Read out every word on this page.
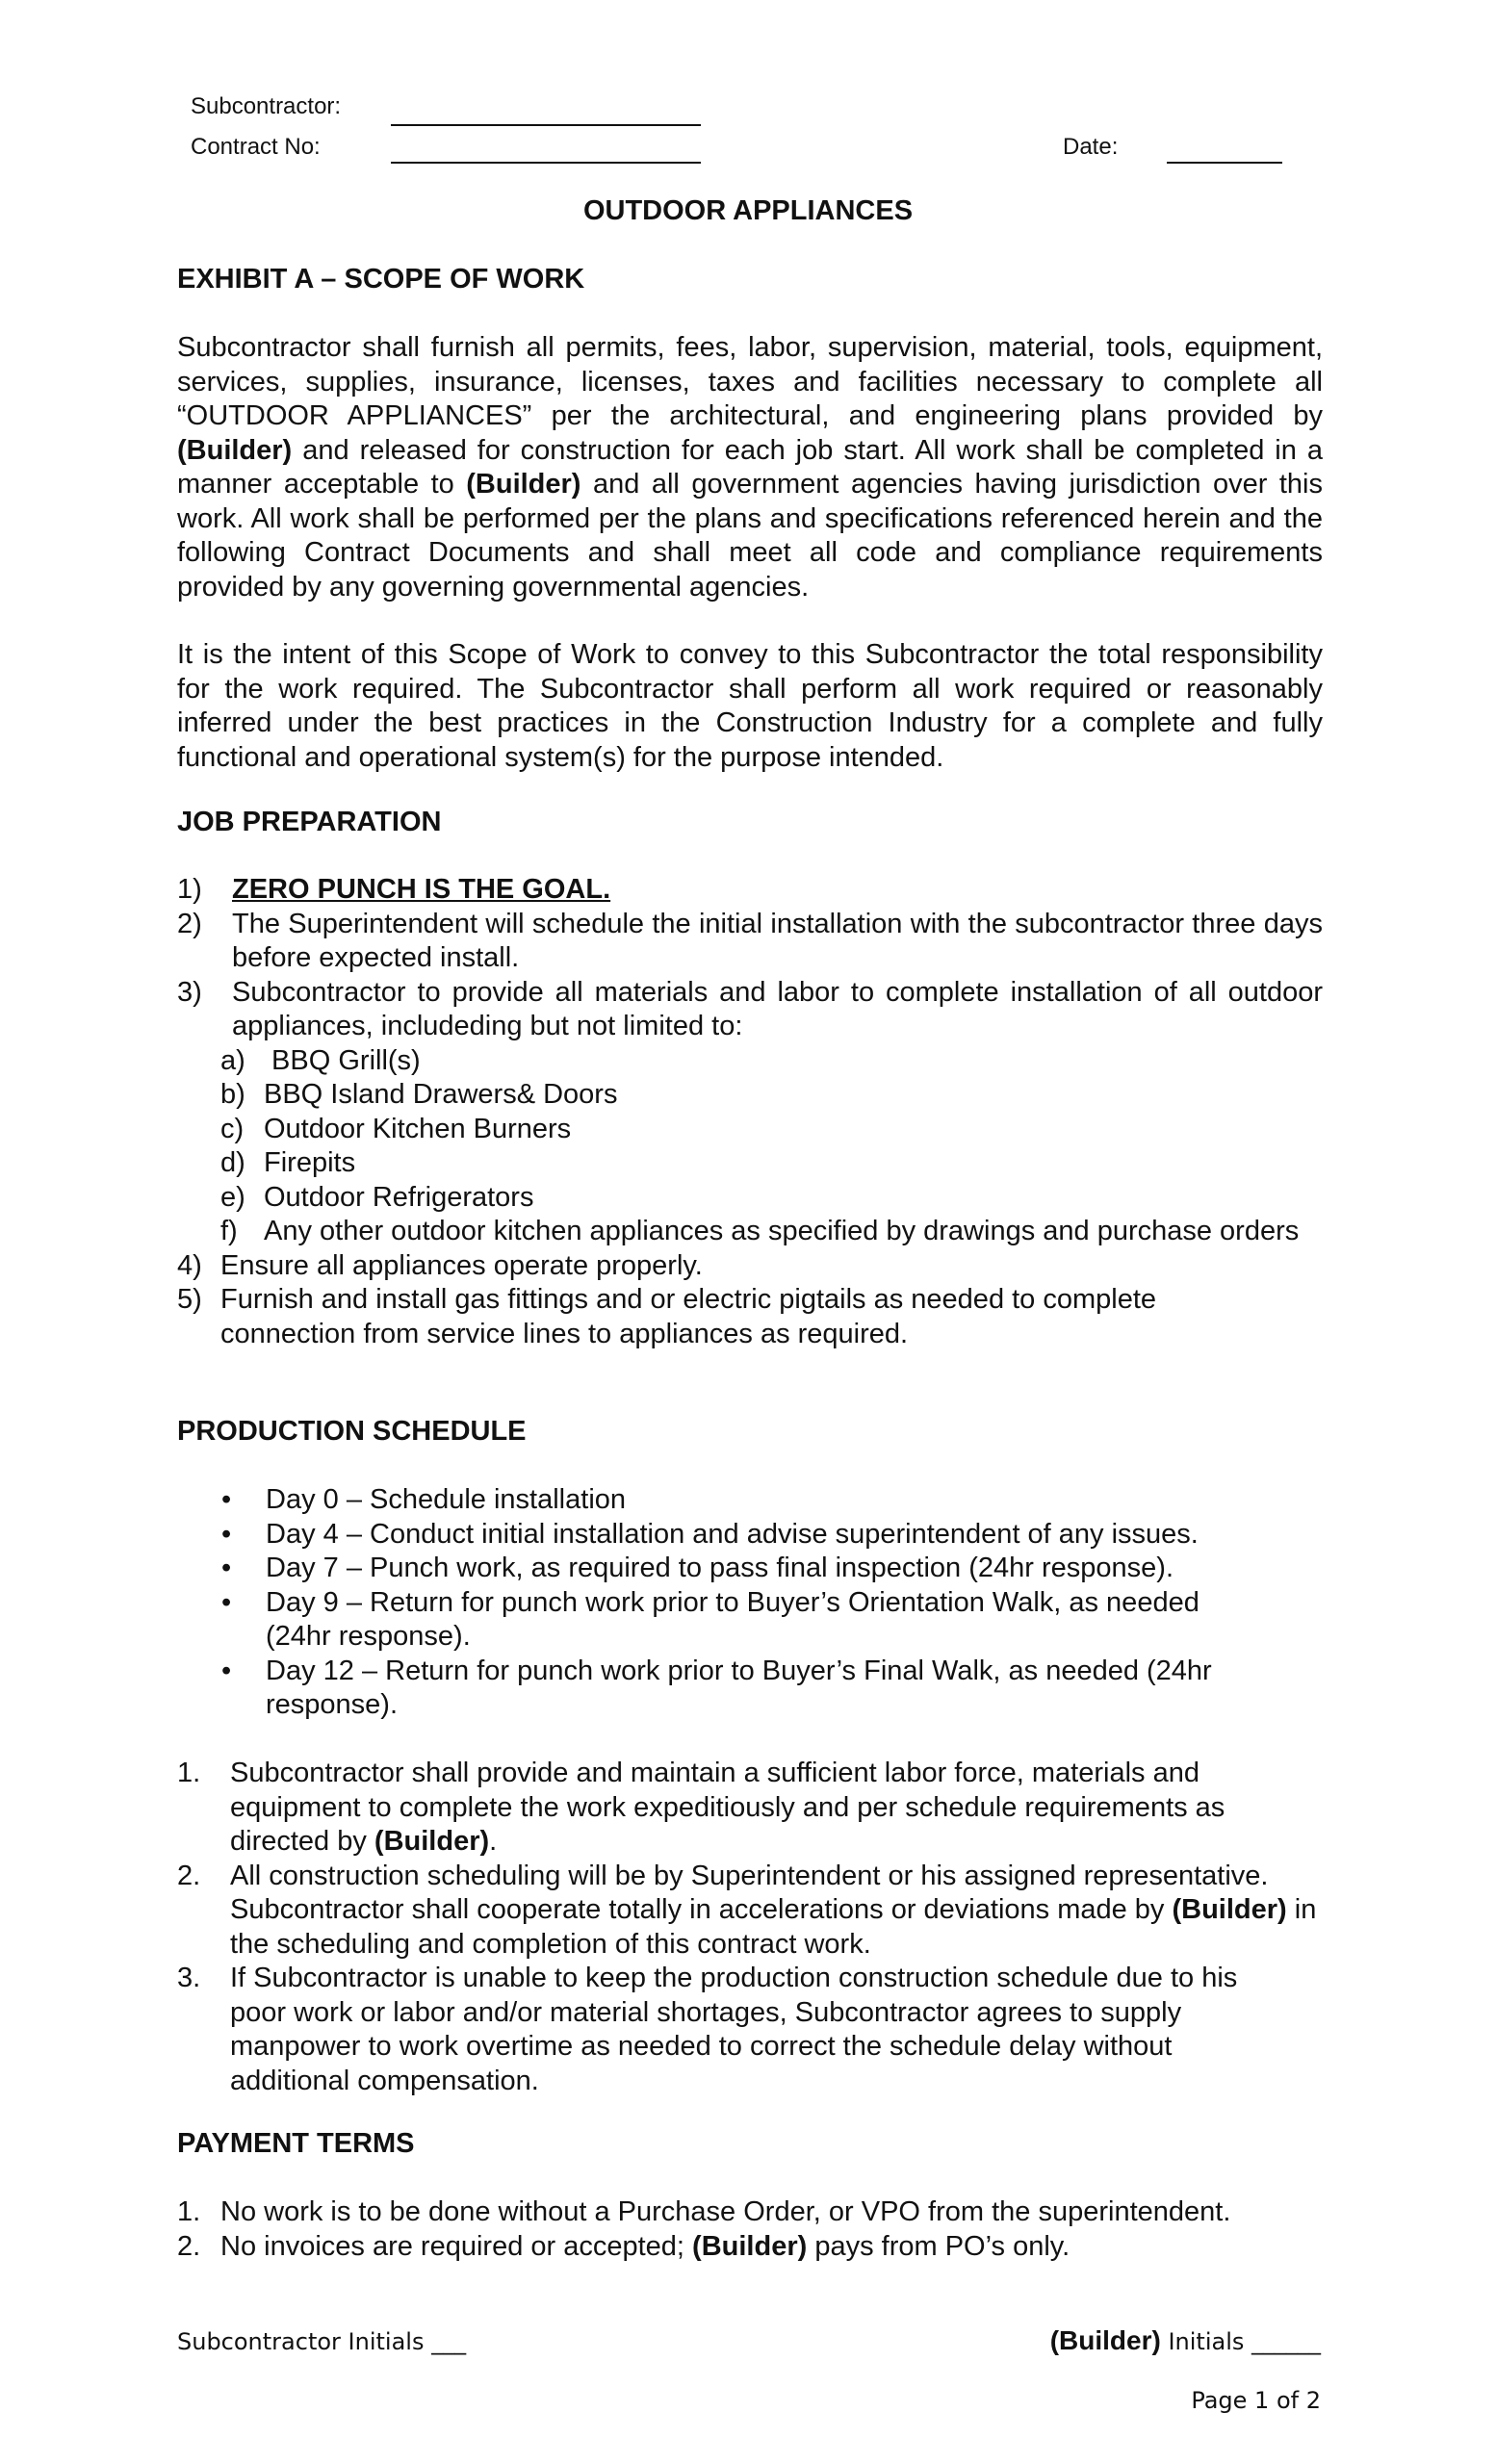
Subcontractor:
Contract No:	Date:
OUTDOOR APPLIANCES
EXHIBIT A – SCOPE OF WORK
Subcontractor shall furnish all permits, fees, labor, supervision, material, tools, equipment, services, supplies, insurance, licenses, taxes and facilities necessary to complete all “OUTDOOR APPLIANCES” per the architectural, and engineering plans provided by (Builder) and released for construction for each job start. All work shall be completed in a manner acceptable to (Builder) and all government agencies having jurisdiction over this work. All work shall be performed per the plans and specifications referenced herein and the following Contract Documents and shall meet all code and compliance requirements provided by any governing governmental agencies.
It is the intent of this Scope of Work to convey to this Subcontractor the total responsibility for the work required. The Subcontractor shall perform all work required or reasonably inferred under the best practices in the Construction Industry for a complete and fully functional and operational system(s) for the purpose intended.
JOB PREPARATION
1) ZERO PUNCH IS THE GOAL.
2) The Superintendent will schedule the initial installation with the subcontractor three days before expected install.
3) Subcontractor to provide all materials and labor to complete installation of all outdoor appliances, includeding but not limited to:
a) BBQ Grill(s)
b) BBQ Island Drawers& Doors
c) Outdoor Kitchen Burners
d) Firepits
e) Outdoor Refrigerators
f) Any other outdoor kitchen appliances as specified by drawings and purchase orders
4) Ensure all appliances operate properly.
5) Furnish and install gas fittings and or electric pigtails as needed to complete connection from service lines to appliances as required.
PRODUCTION SCHEDULE
• Day 0 – Schedule installation
• Day 4 – Conduct initial installation and advise superintendent of any issues.
• Day 7 – Punch work, as required to pass final inspection (24hr response).
• Day 9 – Return for punch work prior to Buyer’s Orientation Walk, as needed (24hr response).
• Day 12 – Return for punch work prior to Buyer’s Final Walk, as needed (24hr response).
1. Subcontractor shall provide and maintain a sufficient labor force, materials and equipment to complete the work expeditiously and per schedule requirements as directed by (Builder).
2. All construction scheduling will be by Superintendent or his assigned representative. Subcontractor shall cooperate totally in accelerations or deviations made by (Builder) in the scheduling and completion of this contract work.
3. If Subcontractor is unable to keep the production construction schedule due to his poor work or labor and/or material shortages, Subcontractor agrees to supply manpower to work overtime as needed to correct the schedule delay without additional compensation.
PAYMENT TERMS
1. No work is to be done without a Purchase Order, or VPO from the superintendent.
2. No invoices are required or accepted; (Builder) pays from PO’s only.
Subcontractor Initials ___	(Builder) Initials ______
Page 1 of 2
